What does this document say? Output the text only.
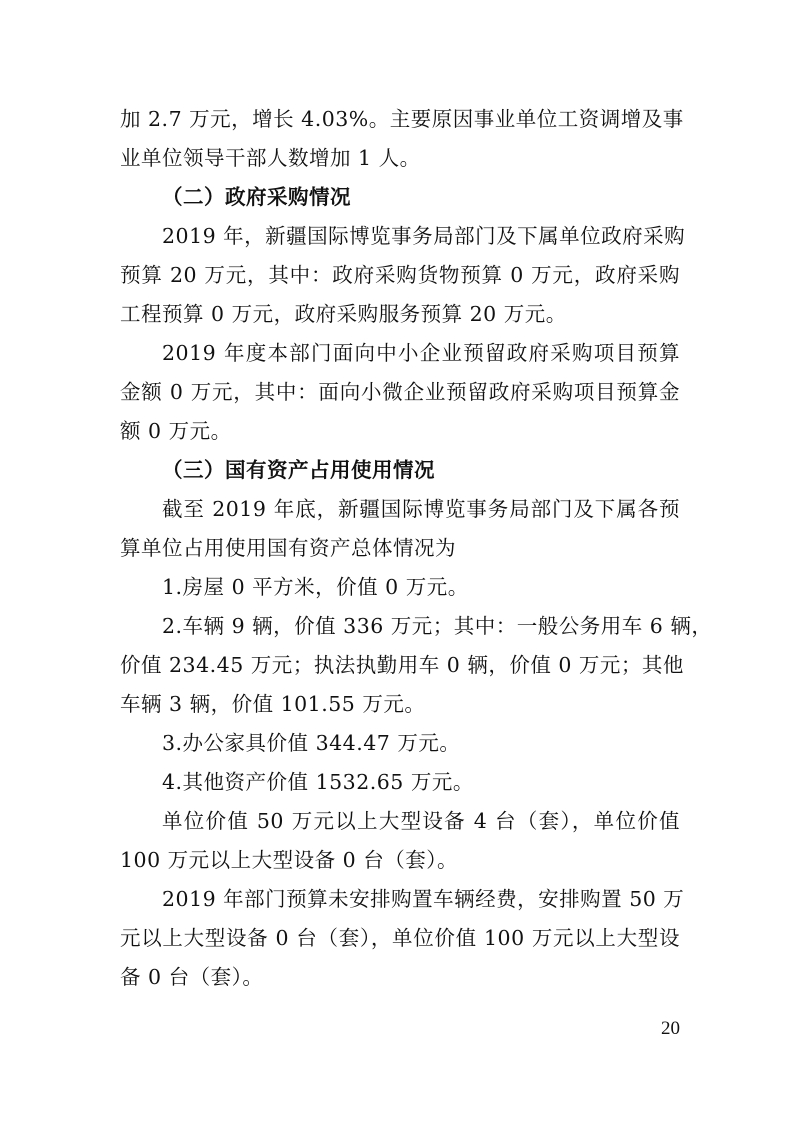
加 2.7 万元，增长 4.03%。主要原因事业单位工资调增及事
业单位领导干部人数增加 1 人。
（二）政府采购情况
2019 年，新疆国际博览事务局部门及下属单位政府采购
预算 20 万元，其中：政府采购货物预算 0 万元，政府采购
工程预算 0 万元，政府采购服务预算 20 万元。
2019 年度本部门面向中小企业预留政府采购项目预算
金额 0 万元，其中：面向小微企业预留政府采购项目预算金
额 0 万元。
（三）国有资产占用使用情况
截至 2019 年底，新疆国际博览事务局部门及下属各预
算单位占用使用国有资产总体情况为
1.房屋 0 平方米，价值 0 万元。
2.车辆 9 辆，价值 336 万元；其中：一般公务用车 6 辆，
价值 234.45 万元；执法执勤用车 0 辆，价值 0 万元；其他
车辆 3 辆，价值 101.55 万元。
3.办公家具价值 344.47 万元。
4.其他资产价值 1532.65 万元。
单位价值 50 万元以上大型设备 4 台（套），单位价值
100 万元以上大型设备 0 台（套）。
2019 年部门预算未安排购置车辆经费，安排购置 50 万
元以上大型设备 0 台（套），单位价值 100 万元以上大型设
备 0 台（套）。
20
